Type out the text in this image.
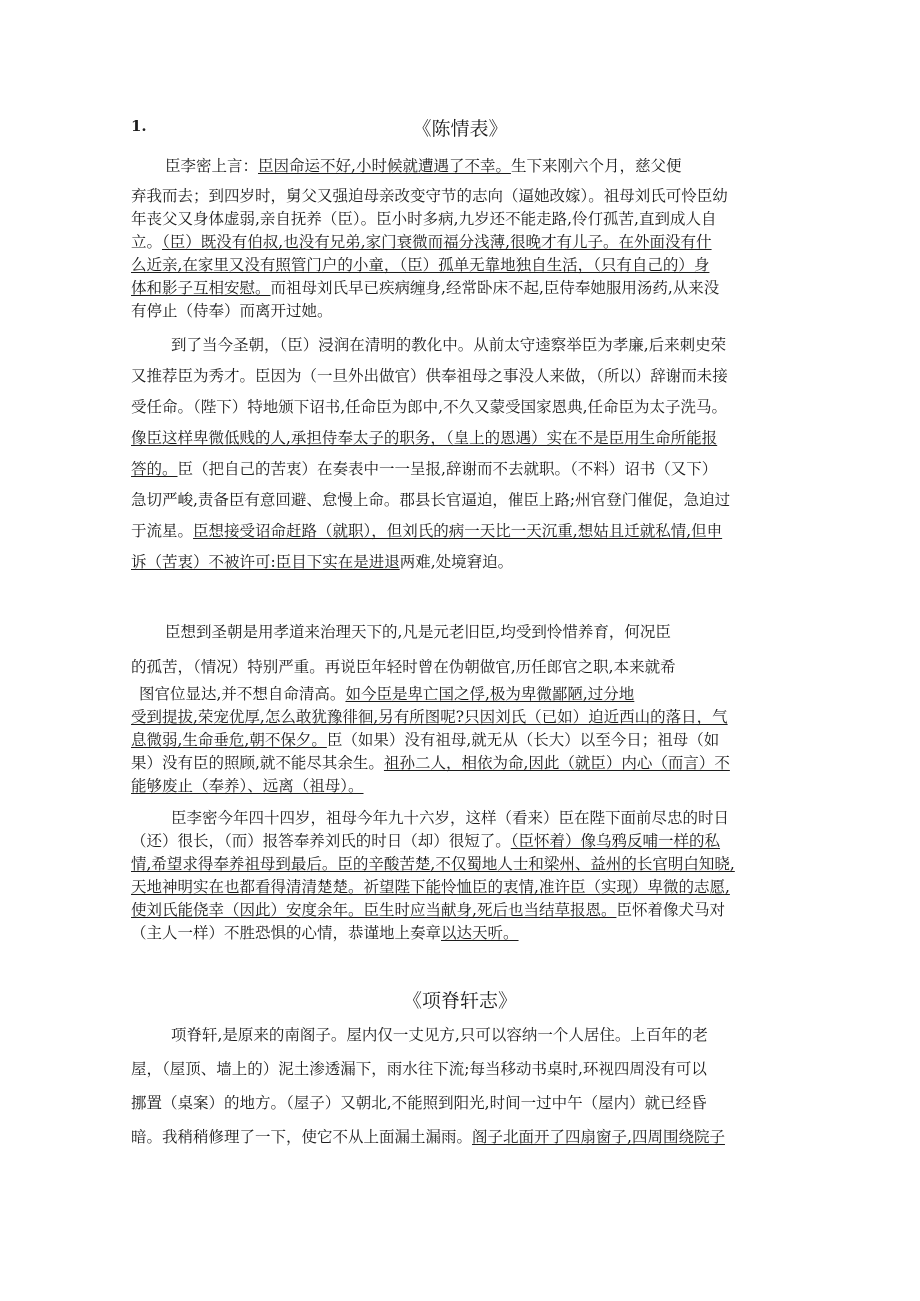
1.	《陈情表》
臣李密上言：臣因命运不好,小时候就遭遇了不幸。生下来刚六个月，慈父便
弃我而去；到四岁时，舅父又强迫母亲改变守节的志向（逼她改嫁）。祖母刘氏可怜臣幼
年丧父又身体虚弱,亲自抚养（臣）。臣小时多病,九岁还不能走路,伶仃孤苦,直到成人自
立。（臣）既没有伯叔,也没有兄弟,家门衰微而福分浅薄,很晚才有儿子。在外面没有什
么近亲,在家里又没有照管门户的小童，（臣）孤单无靠地独自生活，（只有自己的）身
体和影子互相安慰。而祖母刘氏早已疾病缠身,经常卧床不起,臣侍奉她服用汤药,从来没
有停止（侍奉）而离开过她。
到了当今圣朝，（臣）浸润在清明的教化中。从前太守逵察举臣为孝廉,后来刺史荣
又推荐臣为秀才。臣因为（一旦外出做官）供奉祖母之事没人来做，（所以）辞谢而未接
受任命。（陛下）特地颁下诏书,任命臣为郎中,不久又蒙受国家恩典,任命臣为太子洗马。
像臣这样卑微低贱的人,承担侍奉太子的职务，（皇上的恩遇）实在不是臣用生命所能报
答的。臣（把自己的苦衷）在奏表中一一呈报,辞谢而不去就职。（不料）诏书（又下）
急切严峻,责备臣有意回避、怠慢上命。郡县长官逼迫，催臣上路;州官登门催促，急迫过
于流星。臣想接受诏命赶路（就职），但刘氏的病一天比一天沉重,想姑且迁就私情,但申
诉（苦衷）不被许可:臣目下实在是进退两难,处境窘迫。
臣想到圣朝是用孝道来治理天下的,凡是元老旧臣,均受到怜惜养育，何况臣
的孤苦，（情况）特别严重。再说臣年轻时曾在伪朝做官,历任郎官之职,本来就希
图官位显达,并不想自命清高。如今臣是卑亡国之俘,极为卑微鄙陋,过分地
受到提拔,荣宠优厚,怎么敢犹豫徘徊,另有所图呢?只因刘氏（已如）迫近西山的落日，气
息微弱,生命垂危,朝不保夕。臣（如果）没有祖母,就无从（长大）以至今日；祖母（如
果）没有臣的照顾,就不能尽其余生。祖孙二人，相依为命,因此（就臣）内心（而言）不
能够废止（奉养）、远离（祖母）。
臣李密今年四十四岁，祖母今年九十六岁，这样（看来）臣在陛下面前尽忠的时日
（还）很长，（而）报答奉养刘氏的时日（却）很短了。（臣怀着）像乌鸦反哺一样的私
情,希望求得奉养祖母到最后。臣的辛酸苦楚,不仅蜀地人士和梁州、益州的长官明白知晓,
天地神明实在也都看得清清楚楚。祈望陛下能怜恤臣的衷情,准许臣（实现）卑微的志愿,
使刘氏能侥幸（因此）安度余年。臣生时应当献身,死后也当结草报恩。臣怀着像犬马对
（主人一样）不胜恐惧的心情，恭谨地上奏章以达天听。
《项脊轩志》
项脊轩,是原来的南阁子。屋内仅一丈见方,只可以容纳一个人居住。上百年的老
屋，（屋顶、墙上的）泥土渗透漏下，雨水往下流;每当移动书桌时,环视四周没有可以
挪置（桌案）的地方。（屋子）又朝北,不能照到阳光,时间一过中午（屋内）就已经昏
暗。我稍稍修理了一下，使它不从上面漏土漏雨。阁子北面开了四扇窗子,四周围绕院子
